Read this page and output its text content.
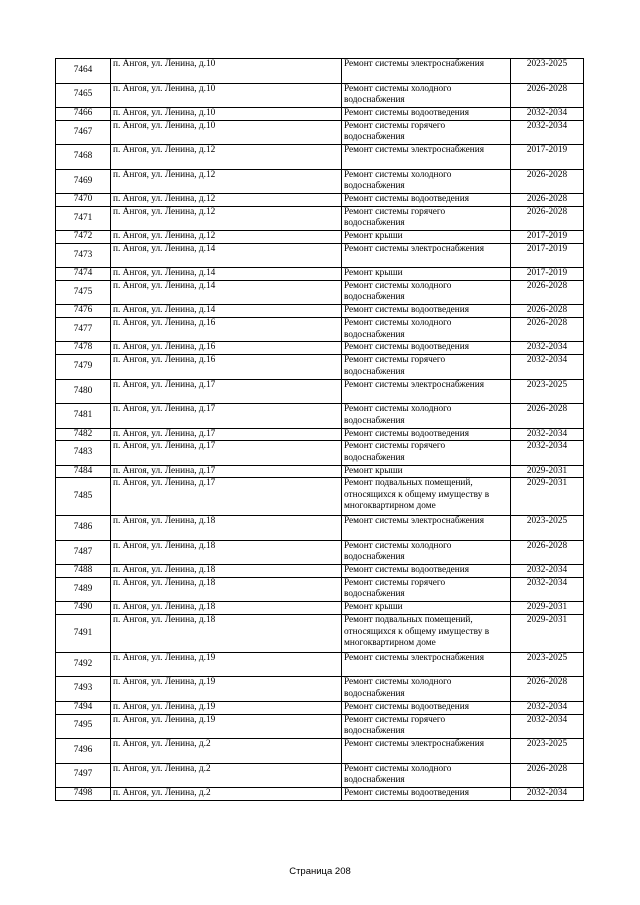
7464	п. Ангоя, ул. Ленина, д.10	Ремонт системы электроснабжения	2023-2025
7465	п. Ангоя, ул. Ленина, д.10	Ремонт системы холодного водоснабжения	2026-2028
7466	п. Ангоя, ул. Ленина, д.10	Ремонт системы водоотведения	2032-2034
7467	п. Ангоя, ул. Ленина, д.10	Ремонт системы горячего водоснабжения	2032-2034
7468	п. Ангоя, ул. Ленина, д.12	Ремонт системы электроснабжения	2017-2019
7469	п. Ангоя, ул. Ленина, д.12	Ремонт системы холодного водоснабжения	2026-2028
7470	п. Ангоя, ул. Ленина, д.12	Ремонт системы водоотведения	2026-2028
7471	п. Ангоя, ул. Ленина, д.12	Ремонт системы горячего водоснабжения	2026-2028
7472	п. Ангоя, ул. Ленина, д.12	Ремонт крыши	2017-2019
7473	п. Ангоя, ул. Ленина, д.14	Ремонт системы электроснабжения	2017-2019
7474	п. Ангоя, ул. Ленина, д.14	Ремонт крыши	2017-2019
7475	п. Ангоя, ул. Ленина, д.14	Ремонт системы холодного водоснабжения	2026-2028
7476	п. Ангоя, ул. Ленина, д.14	Ремонт системы водоотведения	2026-2028
7477	п. Ангоя, ул. Ленина, д.16	Ремонт системы холодного водоснабжения	2026-2028
7478	п. Ангоя, ул. Ленина, д.16	Ремонт системы водоотведения	2032-2034
7479	п. Ангоя, ул. Ленина, д.16	Ремонт системы горячего водоснабжения	2032-2034
7480	п. Ангоя, ул. Ленина, д.17	Ремонт системы электроснабжения	2023-2025
7481	п. Ангоя, ул. Ленина, д.17	Ремонт системы холодного водоснабжения	2026-2028
7482	п. Ангоя, ул. Ленина, д.17	Ремонт системы водоотведения	2032-2034
7483	п. Ангоя, ул. Ленина, д.17	Ремонт системы горячего водоснабжения	2032-2034
7484	п. Ангоя, ул. Ленина, д.17	Ремонт крыши	2029-2031
7485	п. Ангоя, ул. Ленина, д.17	Ремонт подвальных помещений, относящихся к общему имуществу в многоквартирном доме	2029-2031
7486	п. Ангоя, ул. Ленина, д.18	Ремонт системы электроснабжения	2023-2025
7487	п. Ангоя, ул. Ленина, д.18	Ремонт системы холодного водоснабжения	2026-2028
7488	п. Ангоя, ул. Ленина, д.18	Ремонт системы водоотведения	2032-2034
7489	п. Ангоя, ул. Ленина, д.18	Ремонт системы горячего водоснабжения	2032-2034
7490	п. Ангоя, ул. Ленина, д.18	Ремонт крыши	2029-2031
7491	п. Ангоя, ул. Ленина, д.18	Ремонт подвальных помещений, относящихся к общему имуществу в многоквартирном доме	2029-2031
7492	п. Ангоя, ул. Ленина, д.19	Ремонт системы электроснабжения	2023-2025
7493	п. Ангоя, ул. Ленина, д.19	Ремонт системы холодного водоснабжения	2026-2028
7494	п. Ангоя, ул. Ленина, д.19	Ремонт системы водоотведения	2032-2034
7495	п. Ангоя, ул. Ленина, д.19	Ремонт системы горячего водоснабжения	2032-2034
7496	п. Ангоя, ул. Ленина, д.2	Ремонт системы электроснабжения	2023-2025
7497	п. Ангоя, ул. Ленина, д.2	Ремонт системы холодного водоснабжения	2026-2028
7498	п. Ангоя, ул. Ленина, д.2	Ремонт системы водоотведения	2032-2034
Страница 208
